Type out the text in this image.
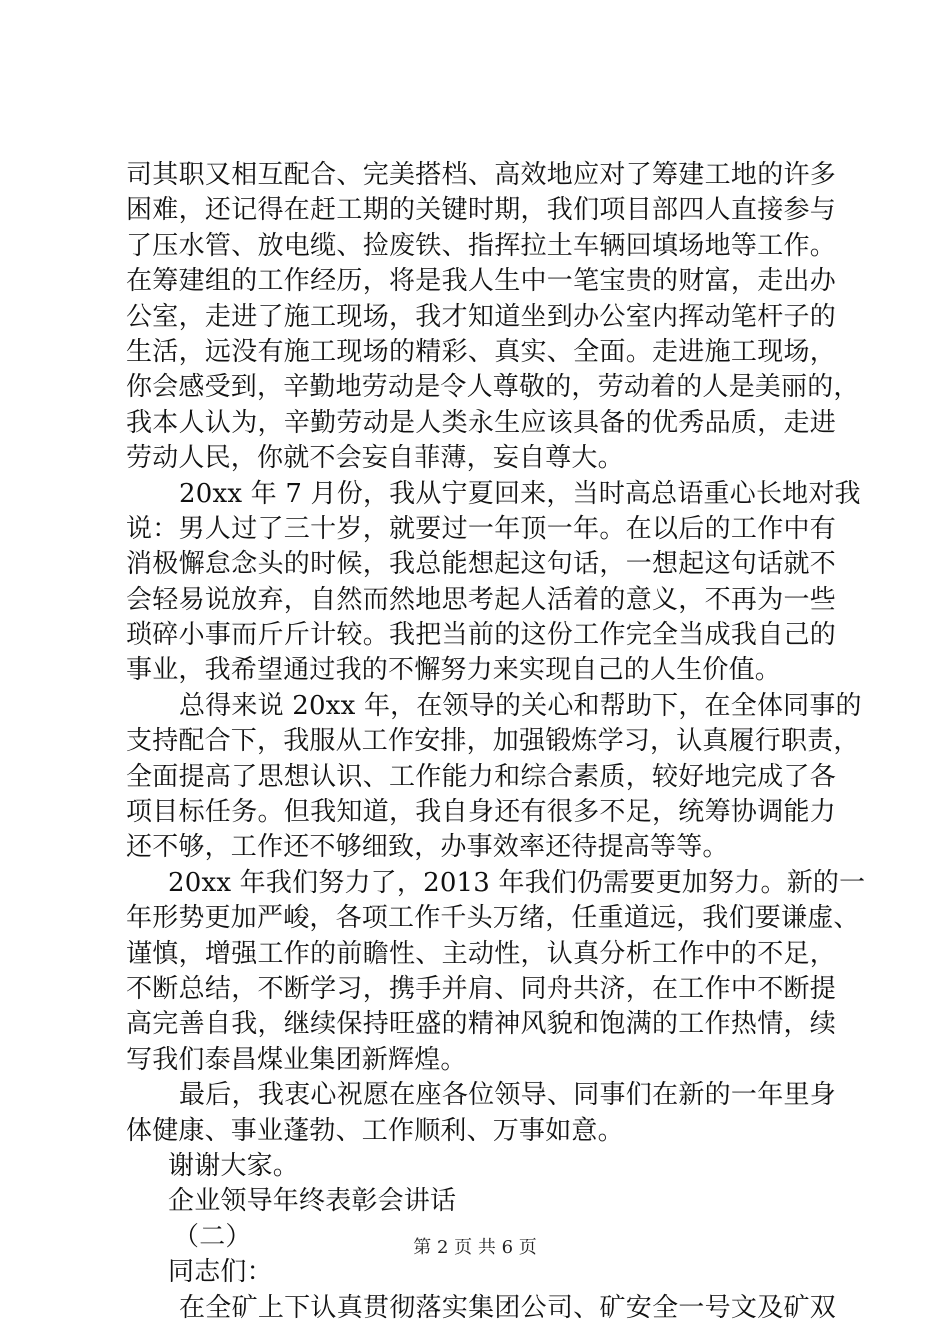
司其职又相互配合、完美搭档、高效地应对了筹建工地的许多
困难，还记得在赶工期的关键时期，我们项目部四人直接参与
了压水管、放电缆、捡废铁、指挥拉土车辆回填场地等工作。
在筹建组的工作经历，将是我人生中一笔宝贵的财富，走出办
公室，走进了施工现场，我才知道坐到办公室内挥动笔杆子的
生活，远没有施工现场的精彩、真实、全面。走进施工现场，
你会感受到，辛勤地劳动是令人尊敬的，劳动着的人是美丽的，
我本人认为，辛勤劳动是人类永生应该具备的优秀品质，走进
劳动人民，你就不会妄自菲薄，妄自尊大。
20xx 年 7 月份，我从宁夏回来，当时高总语重心长地对我
说：男人过了三十岁，就要过一年顶一年。在以后的工作中有
消极懈怠念头的时候，我总能想起这句话，一想起这句话就不
会轻易说放弃，自然而然地思考起人活着的意义，不再为一些
琐碎小事而斤斤计较。我把当前的这份工作完全当成我自己的
事业，我希望通过我的不懈努力来实现自己的人生价值。
总得来说 20xx 年，在领导的关心和帮助下，在全体同事的
支持配合下，我服从工作安排，加强锻炼学习，认真履行职责，
全面提高了思想认识、工作能力和综合素质，较好地完成了各
项目标任务。但我知道，我自身还有很多不足，统筹协调能力
还不够，工作还不够细致，办事效率还待提高等等。
20xx 年我们努力了，2013 年我们仍需要更加努力。新的一
年形势更加严峻，各项工作千头万绪，任重道远，我们要谦虚、
谨慎，增强工作的前瞻性、主动性，认真分析工作中的不足，
不断总结，不断学习，携手并肩、同舟共济，在工作中不断提
高完善自我，继续保持旺盛的精神风貌和饱满的工作热情，续
写我们泰昌煤业集团新辉煌。
最后，我衷心祝愿在座各位领导、同事们在新的一年里身
体健康、事业蓬勃、工作顺利、万事如意。
谢谢大家。
企业领导年终表彰会讲话
（二）
同志们：
在全矿上下认真贯彻落实集团公司、矿安全一号文及矿双
第 2 页 共 6 页
